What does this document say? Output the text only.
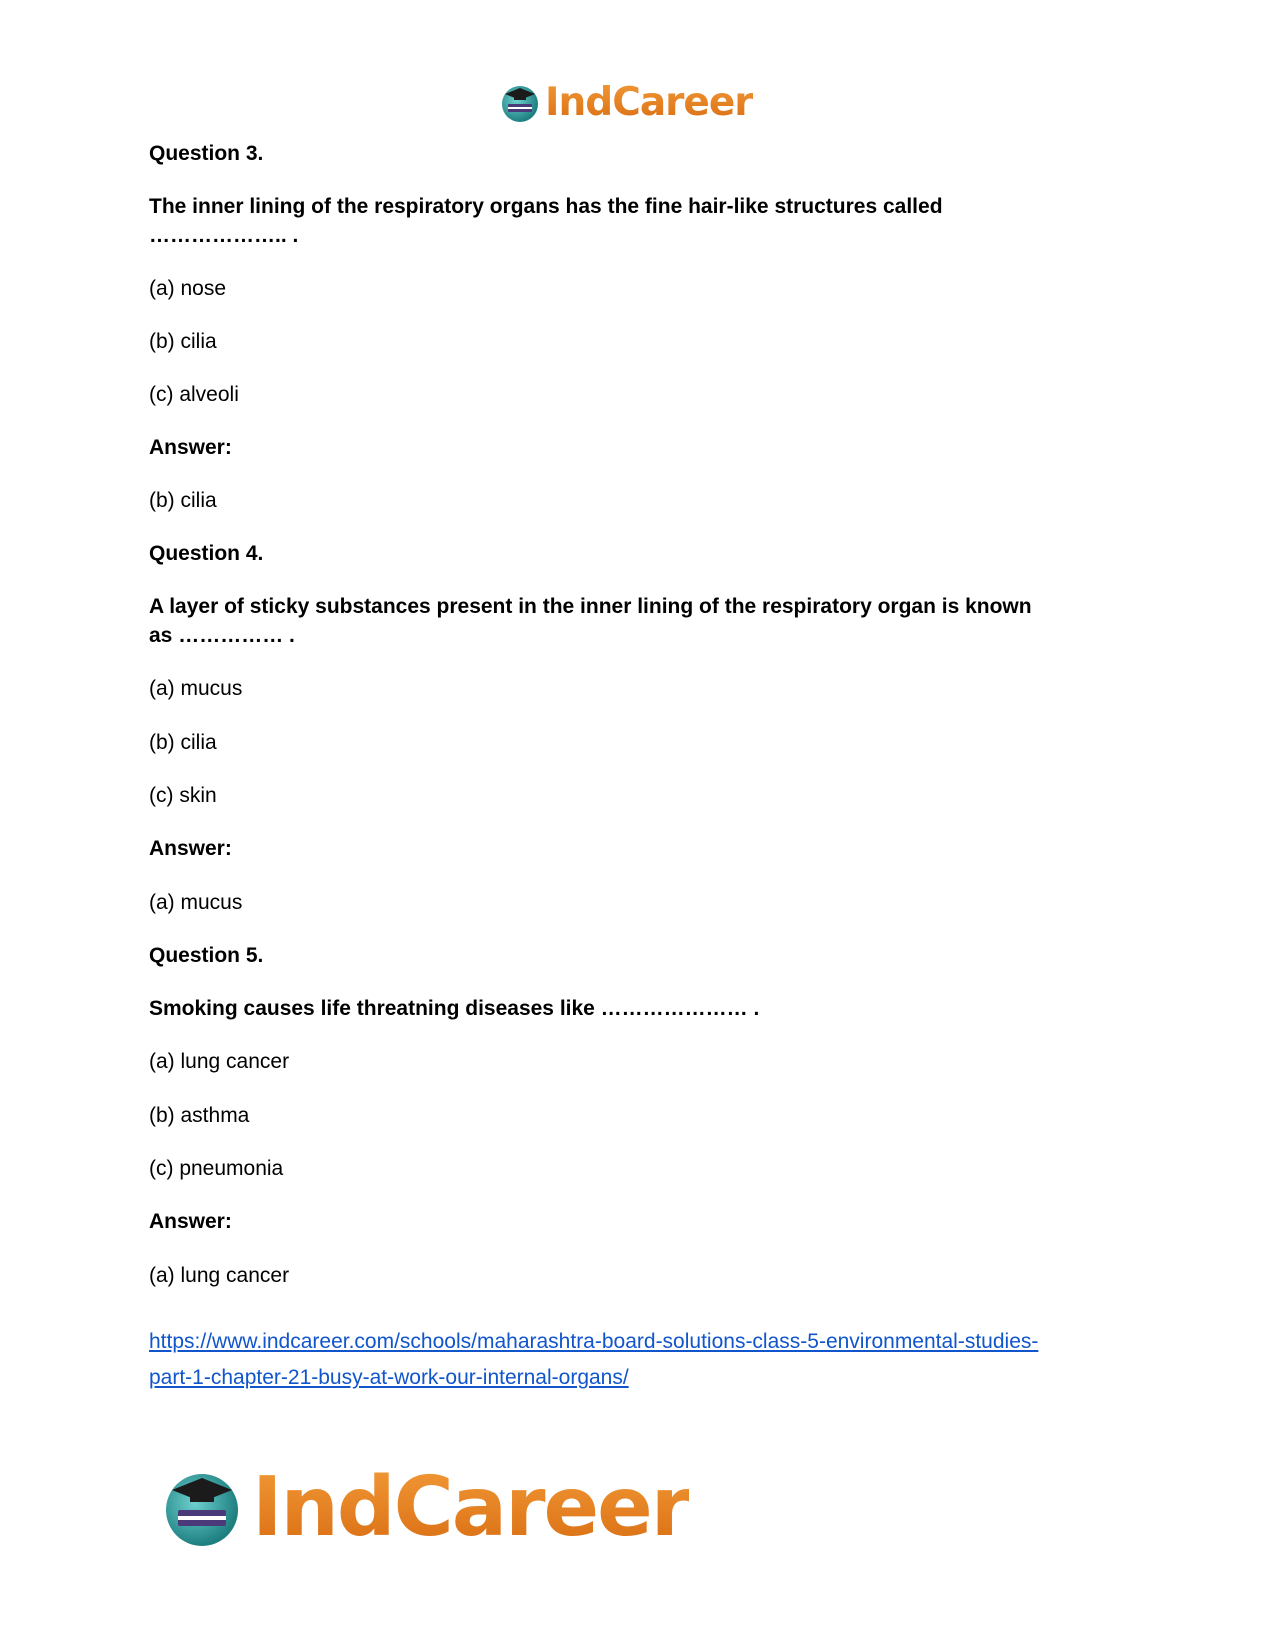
IndCareer
Question 3.
The inner lining of the respiratory organs has the fine hair-like structures called
……………….. .
(a) nose
(b) cilia
(c) alveoli
Answer:
(b) cilia
Question 4.
A layer of sticky substances present in the inner lining of the respiratory organ is known
as …………… .
(a) mucus
(b) cilia
(c) skin
Answer:
(a) mucus
Question 5.
Smoking causes life threatning diseases like ………………… .
(a) lung cancer
(b) asthma
(c) pneumonia
Answer:
(a) lung cancer
https://www.indcareer.com/schools/maharashtra-board-solutions-class-5-environmental-studies-
part-1-chapter-21-busy-at-work-our-internal-organs/
IndCareer
